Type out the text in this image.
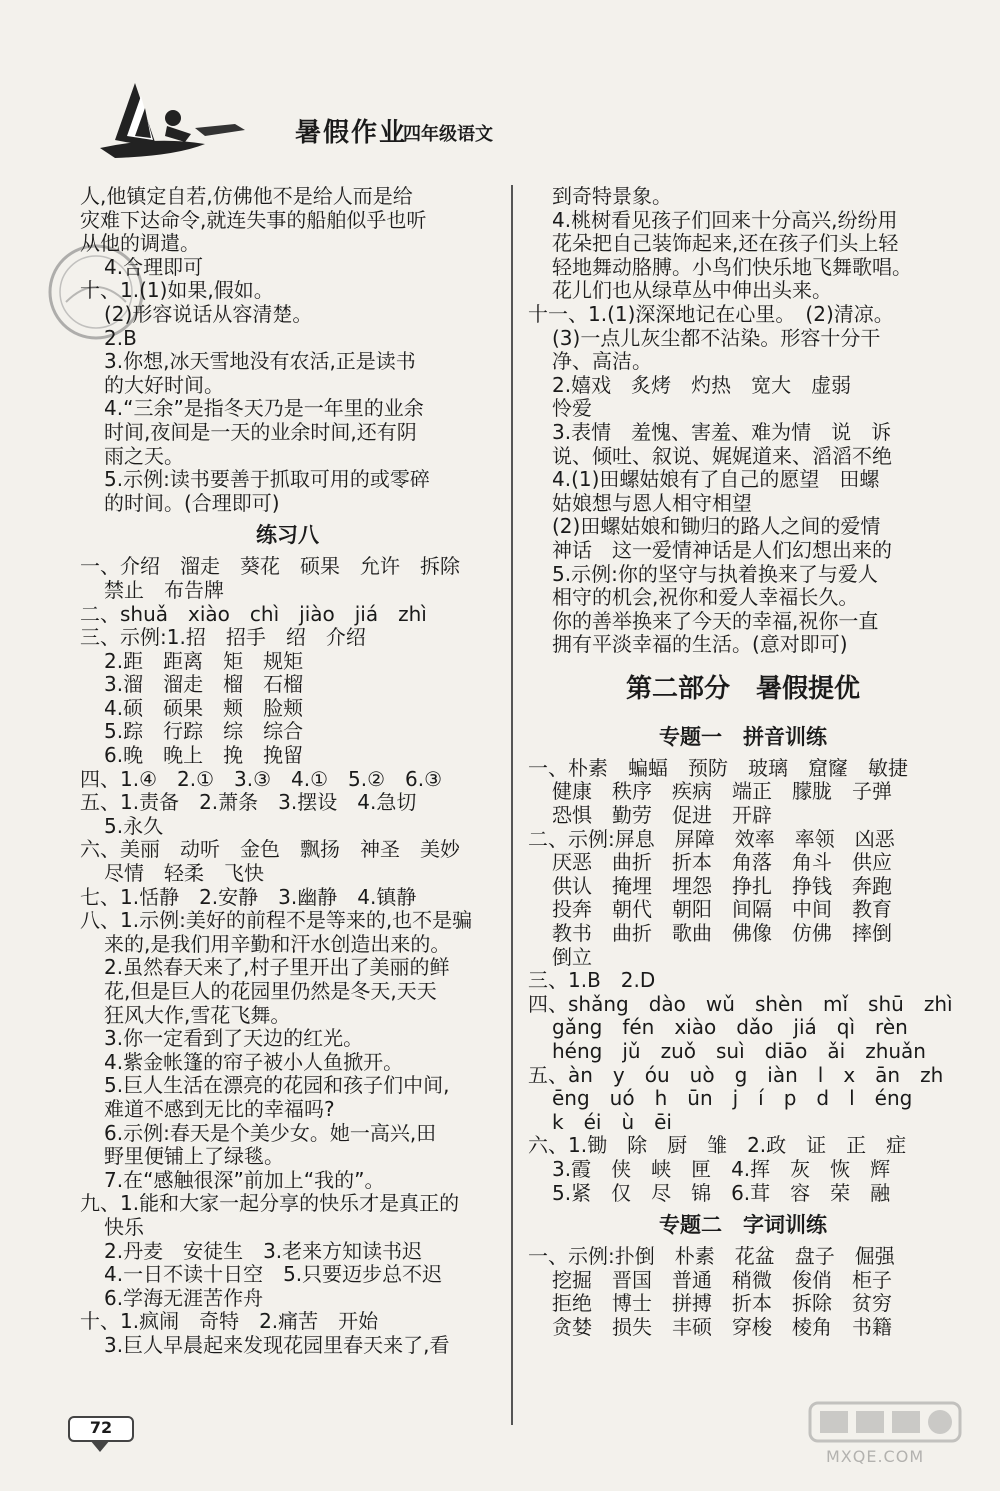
暑假作业
四年级语文
人,他镇定自若,仿佛他不是给人而是给
灾难下达命令,就连失事的船舶似乎也听
从他的调遣。
4.合理即可
十、1.(1)如果,假如。
(2)形容说话从容清楚。
2.B
3.你想,冰天雪地没有农活,正是读书
的大好时间。
4.“三余”是指冬天乃是一年里的业余
时间,夜间是一天的业余时间,还有阴
雨之天。
5.示例:读书要善于抓取可用的或零碎
的时间。(合理即可)
练习八
一、介绍　溜走　葵花　硕果　允许　拆除
禁止　布告牌
二、shuǎ　xiào　chì　jiào　jiá　zhì
三、示例:1.招　招手　绍　介绍
2.距　距离　矩　规矩
3.溜　溜走　榴　石榴
4.硕　硕果　颊　脸颊
5.踪　行踪　综　综合
6.晚　晚上　挽　挽留
四、1.④　2.①　3.③　4.①　5.②　6.③
五、1.责备　2.萧条　3.摆设　4.急切
5.永久
六、美丽　动听　金色　飘扬　神圣　美妙
尽情　轻柔　飞快
七、1.恬静　2.安静　3.幽静　4.镇静
八、1.示例:美好的前程不是等来的,也不是骗
来的,是我们用辛勤和汗水创造出来的。
2.虽然春天来了,村子里开出了美丽的鲜
花,但是巨人的花园里仍然是冬天,天天
狂风大作,雪花飞舞。
3.你一定看到了天边的红光。
4.紫金帐篷的帘子被小人鱼掀开。
5.巨人生活在漂亮的花园和孩子们中间,
难道不感到无比的幸福吗?
6.示例:春天是个美少女。她一高兴,田
野里便铺上了绿毯。
7.在“感触很深”前加上“我的”。
九、1.能和大家一起分享的快乐才是真正的
快乐
2.丹麦　安徒生　3.老来方知读书迟
4.一日不读十日空　5.只要迈步总不迟
6.学海无涯苦作舟
十、1.疯闹　奇特　2.痛苦　开始
3.巨人早晨起来发现花园里春天来了,看
到奇特景象。
4.桃树看见孩子们回来十分高兴,纷纷用
花朵把自己装饰起来,还在孩子们头上轻
轻地舞动胳膊。小鸟们快乐地飞舞歌唱。
花儿们也从绿草丛中伸出头来。
十一、1.(1)深深地记在心里。　(2)清凉。
(3)一点儿灰尘都不沾染。形容十分干
净、高洁。
2.嬉戏　炙烤　灼热　宽大　虚弱
怜爱
3.表情　羞愧、害羞、难为情　说　诉
说、倾吐、叙说、娓娓道来、滔滔不绝
4.(1)田螺姑娘有了自己的愿望　田螺
姑娘想与恩人相守相望
(2)田螺姑娘和锄归的路人之间的爱情
神话　这一爱情神话是人们幻想出来的
5.示例:你的坚守与执着换来了与爱人
相守的机会,祝你和爱人幸福长久。
你的善举换来了今天的幸福,祝你一直
拥有平淡幸福的生活。(意对即可)
第二部分　暑假提优
专题一　拼音训练
一、朴素　蝙蝠　预防　玻璃　窟窿　敏捷
健康　秩序　疾病　端正　朦胧　子弹
恐惧　勤劳　促进　开辟
二、示例:屏息　屏障　效率　率领　凶恶
厌恶　曲折　折本　角落　角斗　供应
供认　掩埋　埋怨　挣扎　挣钱　奔跑
投奔　朝代　朝阳　间隔　中间　教育
教书　曲折　歌曲　佛像　仿佛　摔倒
倒立
三、1.B　2.D
四、shǎng　dào　wǔ　shèn　mǐ　shū　zhì
gǎng　fén　xiào　dǎo　jiá　qì　rèn
héng　jǔ　zuǒ　suì　diāo　ǎi　zhuǎn
五、àn　y　óu　uò　g　iàn　l　x　ān　zh
ēng　uó　h　ūn　j　í　p　d　l　éng
k　éi　ù　ēi
六、1.锄　除　厨　雏　2.政　证　正　症
3.霞　侠　峡　匣　4.挥　灰　恢　辉
5.紧　仅　尽　锦　6.茸　容　荣　融
专题二　字词训练
一、示例:扑倒　朴素　花盆　盘子　倔强
挖掘　晋国　普通　稍微　俊俏　柜子
拒绝　博士　拼搏　折本　拆除　贫穷
贪婪　损失　丰硕　穿梭　棱角　书籍
72
MXQE.COM
